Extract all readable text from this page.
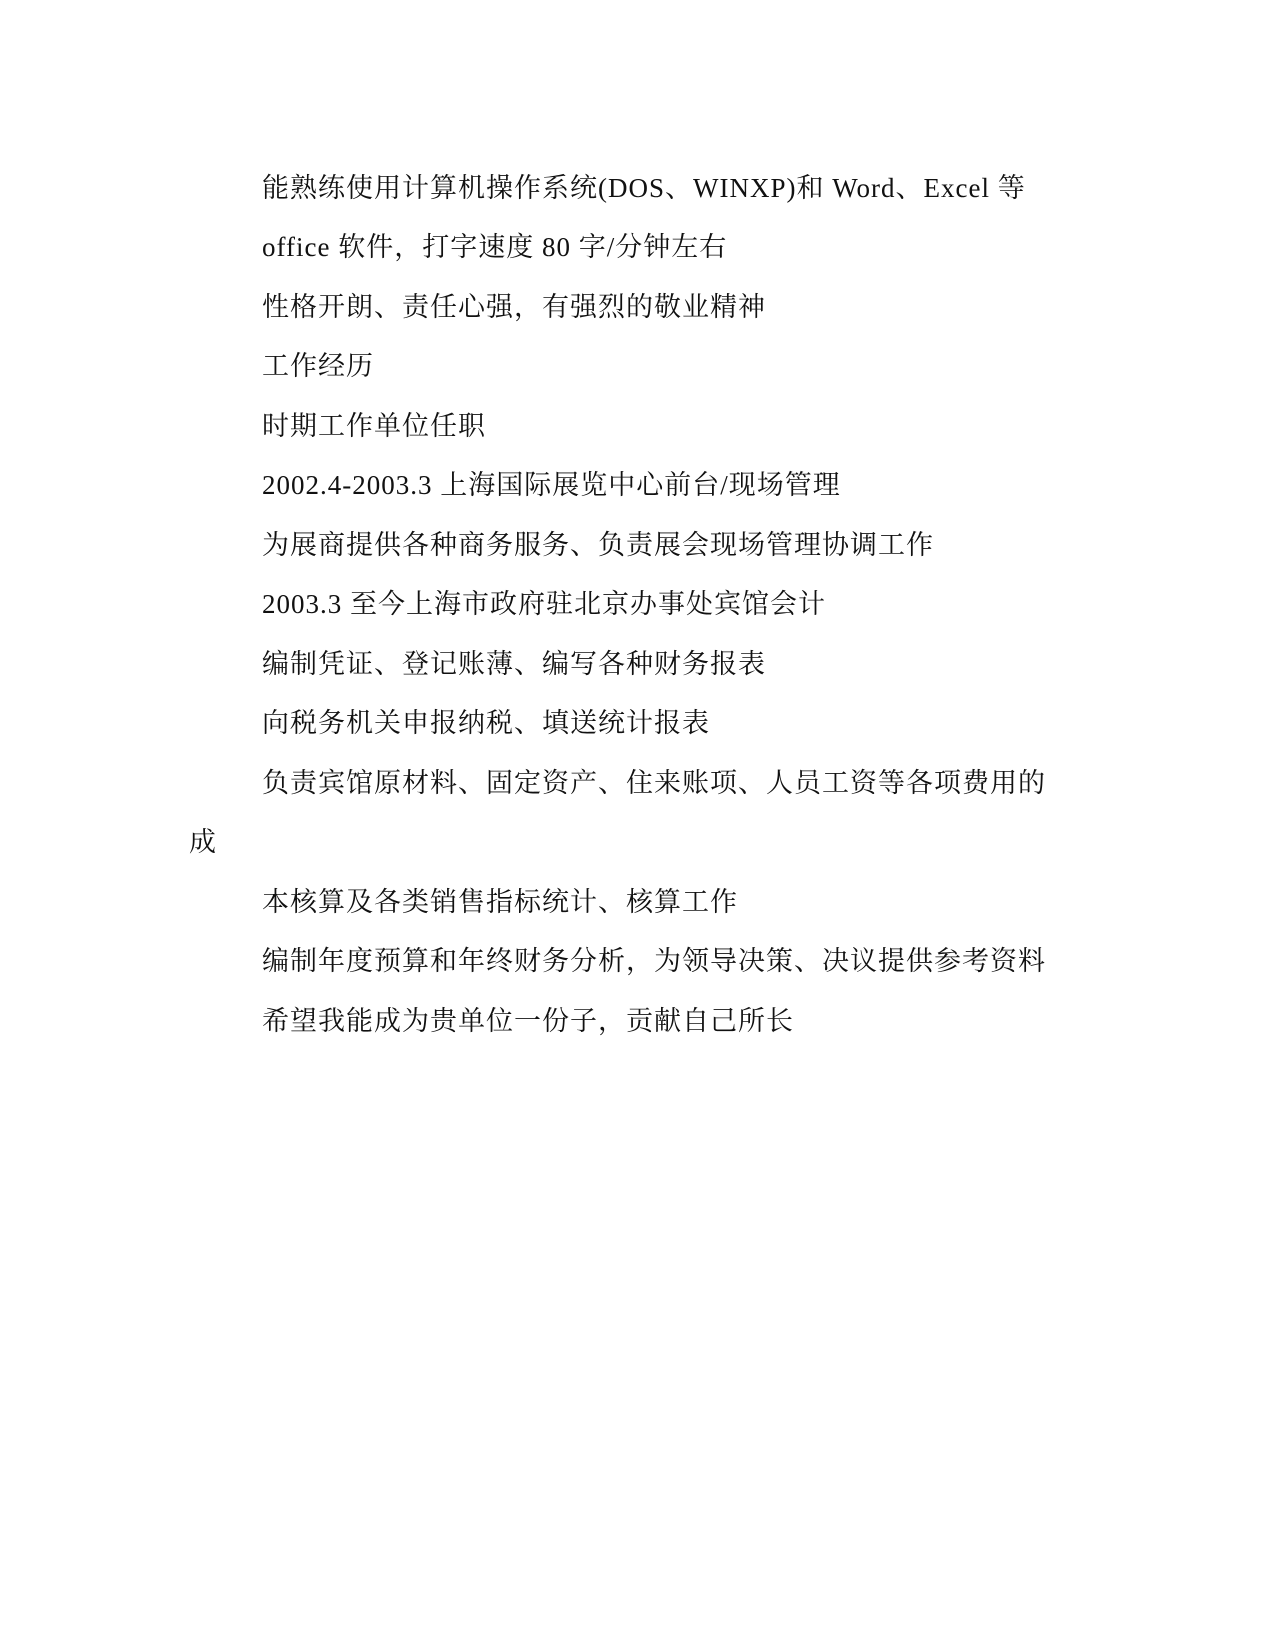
能熟练使用计算机操作系统(DOS、WINXP)和 Word、Excel 等

office 软件，打字速度 80 字/分钟左右

性格开朗、责任心强，有强烈的敬业精神

工作经历

时期工作单位任职

2002.4-2003.3 上海国际展览中心前台/现场管理

为展商提供各种商务服务、负责展会现场管理协调工作

2003.3 至今上海市政府驻北京办事处宾馆会计

编制凭证、登记账薄、编写各种财务报表

向税务机关申报纳税、填送统计报表

负责宾馆原材料、固定资产、住来账项、人员工资等各项费用的

成

本核算及各类销售指标统计、核算工作

编制年度预算和年终财务分析，为领导决策、决议提供参考资料

希望我能成为贵单位一份子，贡献自己所长
